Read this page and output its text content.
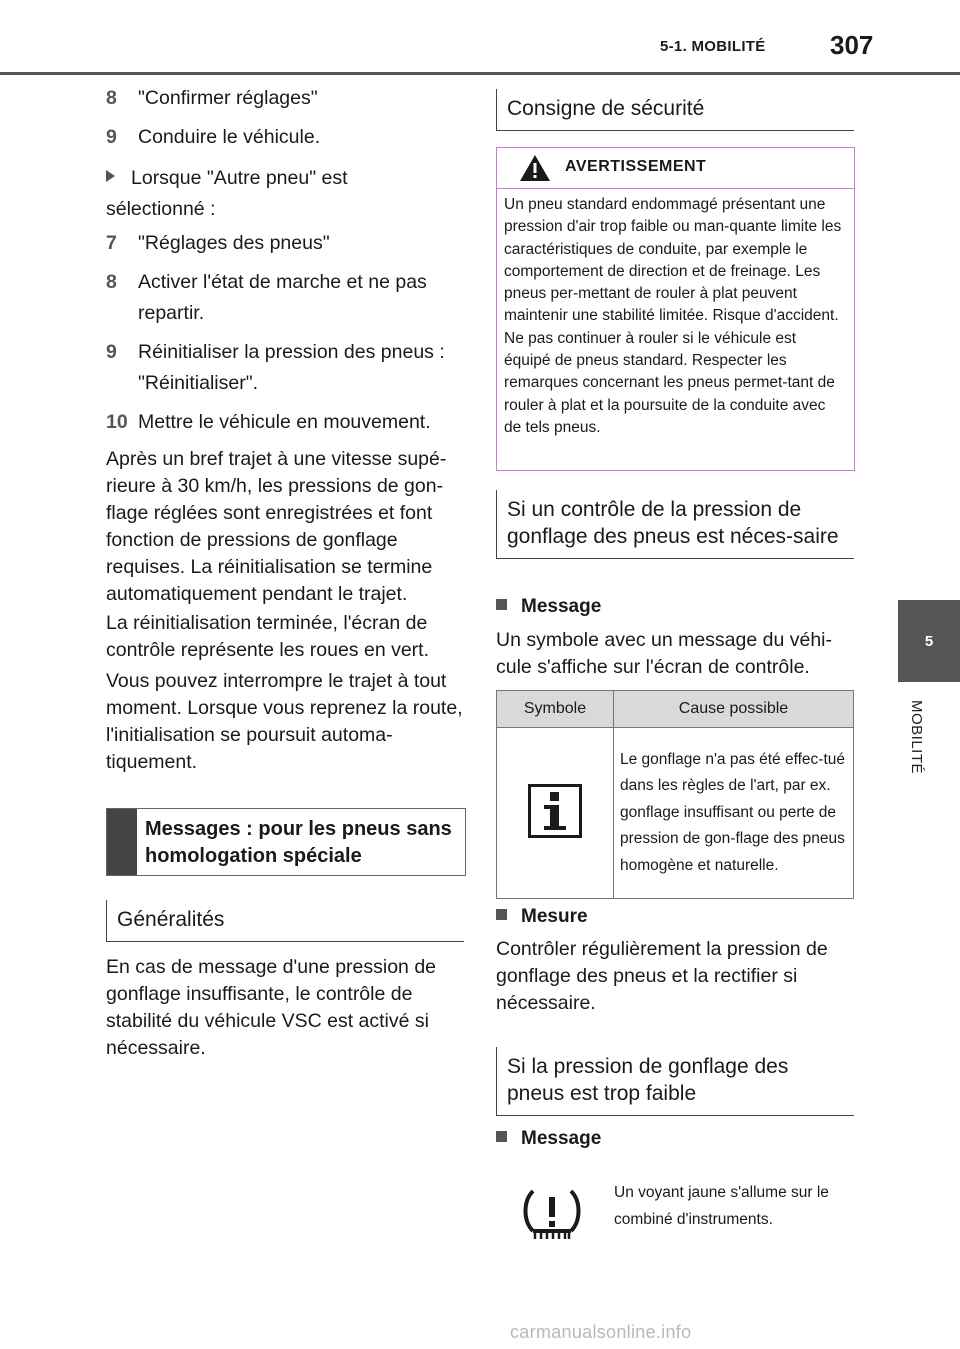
5-1. MOBILITÉ 307
5
MOBILITÉ
8	"Confirmer réglages"
9	Conduire le véhicule.
Lorsque "Autre pneu" est sélectionné :
7	"Réglages des pneus"
8	Activer l'état de marche et ne pas repartir.
9	Réinitialiser la pression des pneus : "Réinitialiser".
10 Mettre le véhicule en mouvement.
Après un bref trajet à une vitesse supé-rieure à 30 km/h, les pressions de gon-flage réglées sont enregistrées et font fonction de pressions de gonflage requises. La réinitialisation se termine automatiquement pendant le trajet.
La réinitialisation terminée, l'écran de contrôle représente les roues en vert.
Vous pouvez interrompre le trajet à tout moment. Lorsque vous reprenez la route, l'initialisation se poursuit automa-tiquement.
Messages : pour les pneus sans homologation spéciale
Généralités
En cas de message d'une pression de gonflage insuffisante, le contrôle de stabilité du véhicule VSC est activé si nécessaire.
Consigne de sécurité
AVERTISSEMENT
Un pneu standard endommagé présentant une pression d'air trop faible ou man-quante limite les caractéristiques de conduite, par exemple le comportement de direction et de freinage. Les pneus per-mettant de rouler à plat peuvent maintenir une stabilité limitée. Risque d'accident. Ne pas continuer à rouler si le véhicule est équipé de pneus standard. Respecter les remarques concernant les pneus permet-tant de rouler à plat et la poursuite de la conduite avec de tels pneus.
Si un contrôle de la pression de gonflage des pneus est néces-saire
Message
Un symbole avec un message du véhi-cule s'affiche sur l'écran de contrôle.
Symbole	Cause possible
	Le gonflage n'a pas été effec-tué dans les règles de l'art, par ex. gonflage insuffisant ou perte de pression de gon-flage des pneus homogène et naturelle.
Mesure
Contrôler régulièrement la pression de gonflage des pneus et la rectifier si nécessaire.
Si la pression de gonflage des pneus est trop faible
Message
Un voyant jaune s'allume sur le combiné d'instruments.
carmanualsonline.info
